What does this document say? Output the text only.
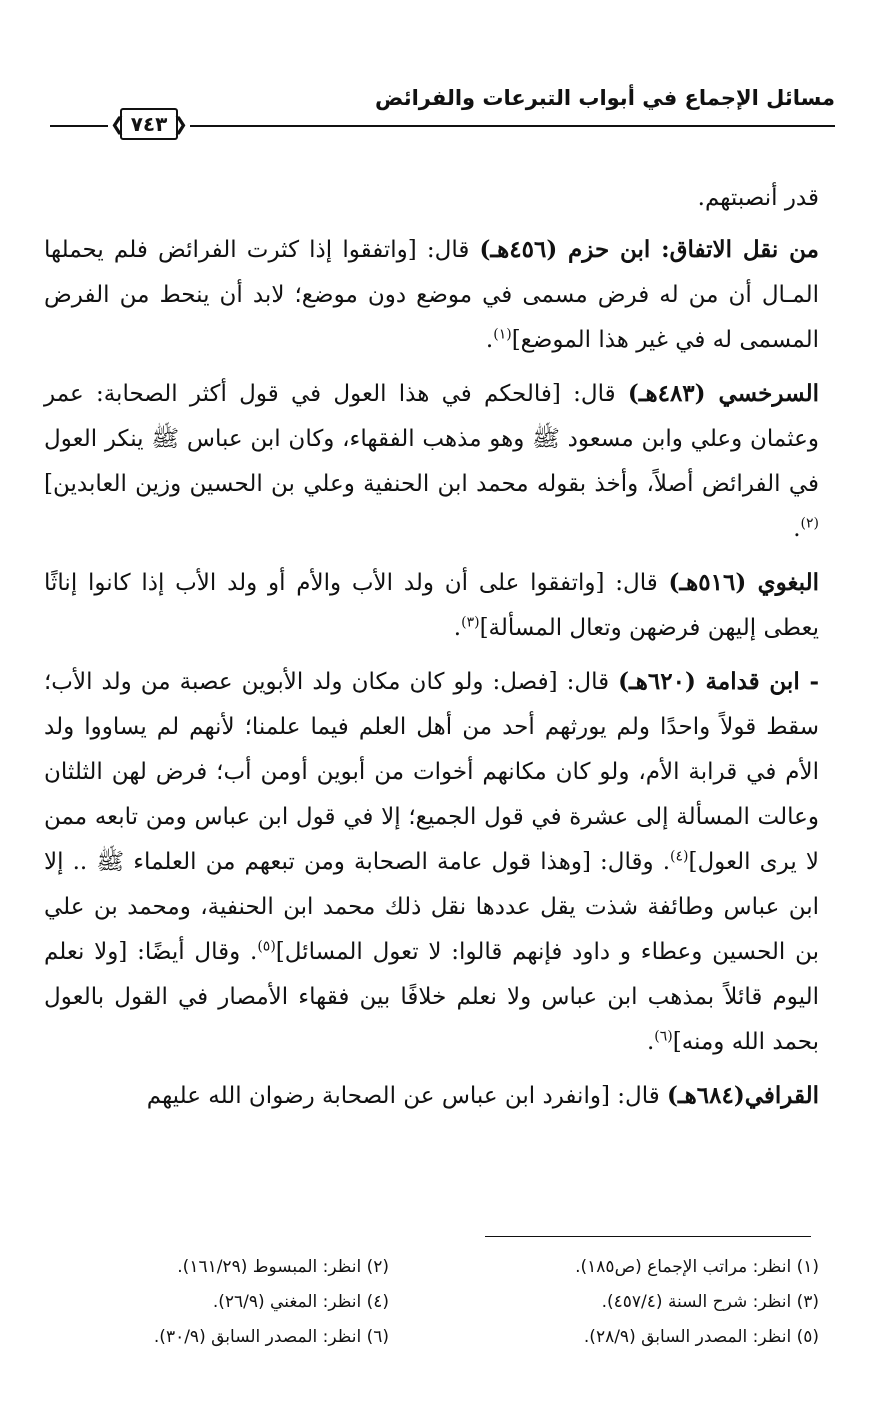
مسائل الإجماع في أبواب التبرعات والفرائض
❮ ٧٤٣ ❯

قدر أنصبتهم.

من نقل الاتفاق: ابن حزم (٤٥٦هـ) قال: [واتفقوا إذا كثرت الفرائض فلم يحملها المـال أن من له فرض مسمى في موضع دون موضع؛ لابد أن ينحط من الفرض المسمى له في غير هذا الموضع]$^{(١)}$.

السرخسي (٤٨٣هـ) قال: [فالحكم في هذا العول في قول أكثر الصحابة: عمر وعثمان وعلي وابن مسعود ﷺ وهو مذهب الفقهاء، وكان ابن عباس ﷺ ينكر العول في الفرائض أصلاً، وأخذ بقوله محمد ابن الحنفية وعلي بن الحسين وزين العابدين]$^{(٢)}$.

البغوي (٥١٦هـ) قال: [واتفقوا على أن ولد الأب والأم أو ولد الأب إذا كانوا إناثًا يعطى إليهن فرضهن وتعال المسألة]$^{(٣)}$.

- ابن قدامة (٦٢٠هـ) قال: [فصل: ولو كان مكان ولد الأبوين عصبة من ولد الأب؛ سقط قولاً واحدًا ولم يورثهم أحد من أهل العلم فيما علمنا؛ لأنهم لم يساووا ولد الأم في قرابة الأم، ولو كان مكانهم أخوات من أبوين أومن أب؛ فرض لهن الثلثان وعالت المسألة إلى عشرة في قول الجميع؛ إلا في قول ابن عباس ومن تابعه ممن لا يرى العول]$^{(٤)}$. وقال: [وهذا قول عامة الصحابة ومن تبعهم من العلماء ﷺ .. إلا ابن عباس وطائفة شذت يقل عددها نقل ذلك محمد ابن الحنفية، ومحمد بن علي بن الحسين وعطاء و داود فإنهم قالوا: لا تعول المسائل]$^{(٥)}$. وقال أيضًا: [ولا نعلم اليوم قائلاً بمذهب ابن عباس ولا نعلم خلافًا بين فقهاء الأمصار في القول بالعول بحمد الله ومنه]$^{(٦)}$.

القرافي(٦٨٤هـ) قال: [وانفرد ابن عباس عن الصحابة رضوان الله عليهم

(١) انظر: مراتب الإجماع (ص١٨٥).
(٣) انظر: شرح السنة (٤٥٧/٤).
(٥) انظر: المصدر السابق (٢٨/٩).
(٢) انظر: المبسوط (١٦١/٢٩).
(٤) انظر: المغني (٢٦/٩).
(٦) انظر: المصدر السابق (٣٠/٩).
